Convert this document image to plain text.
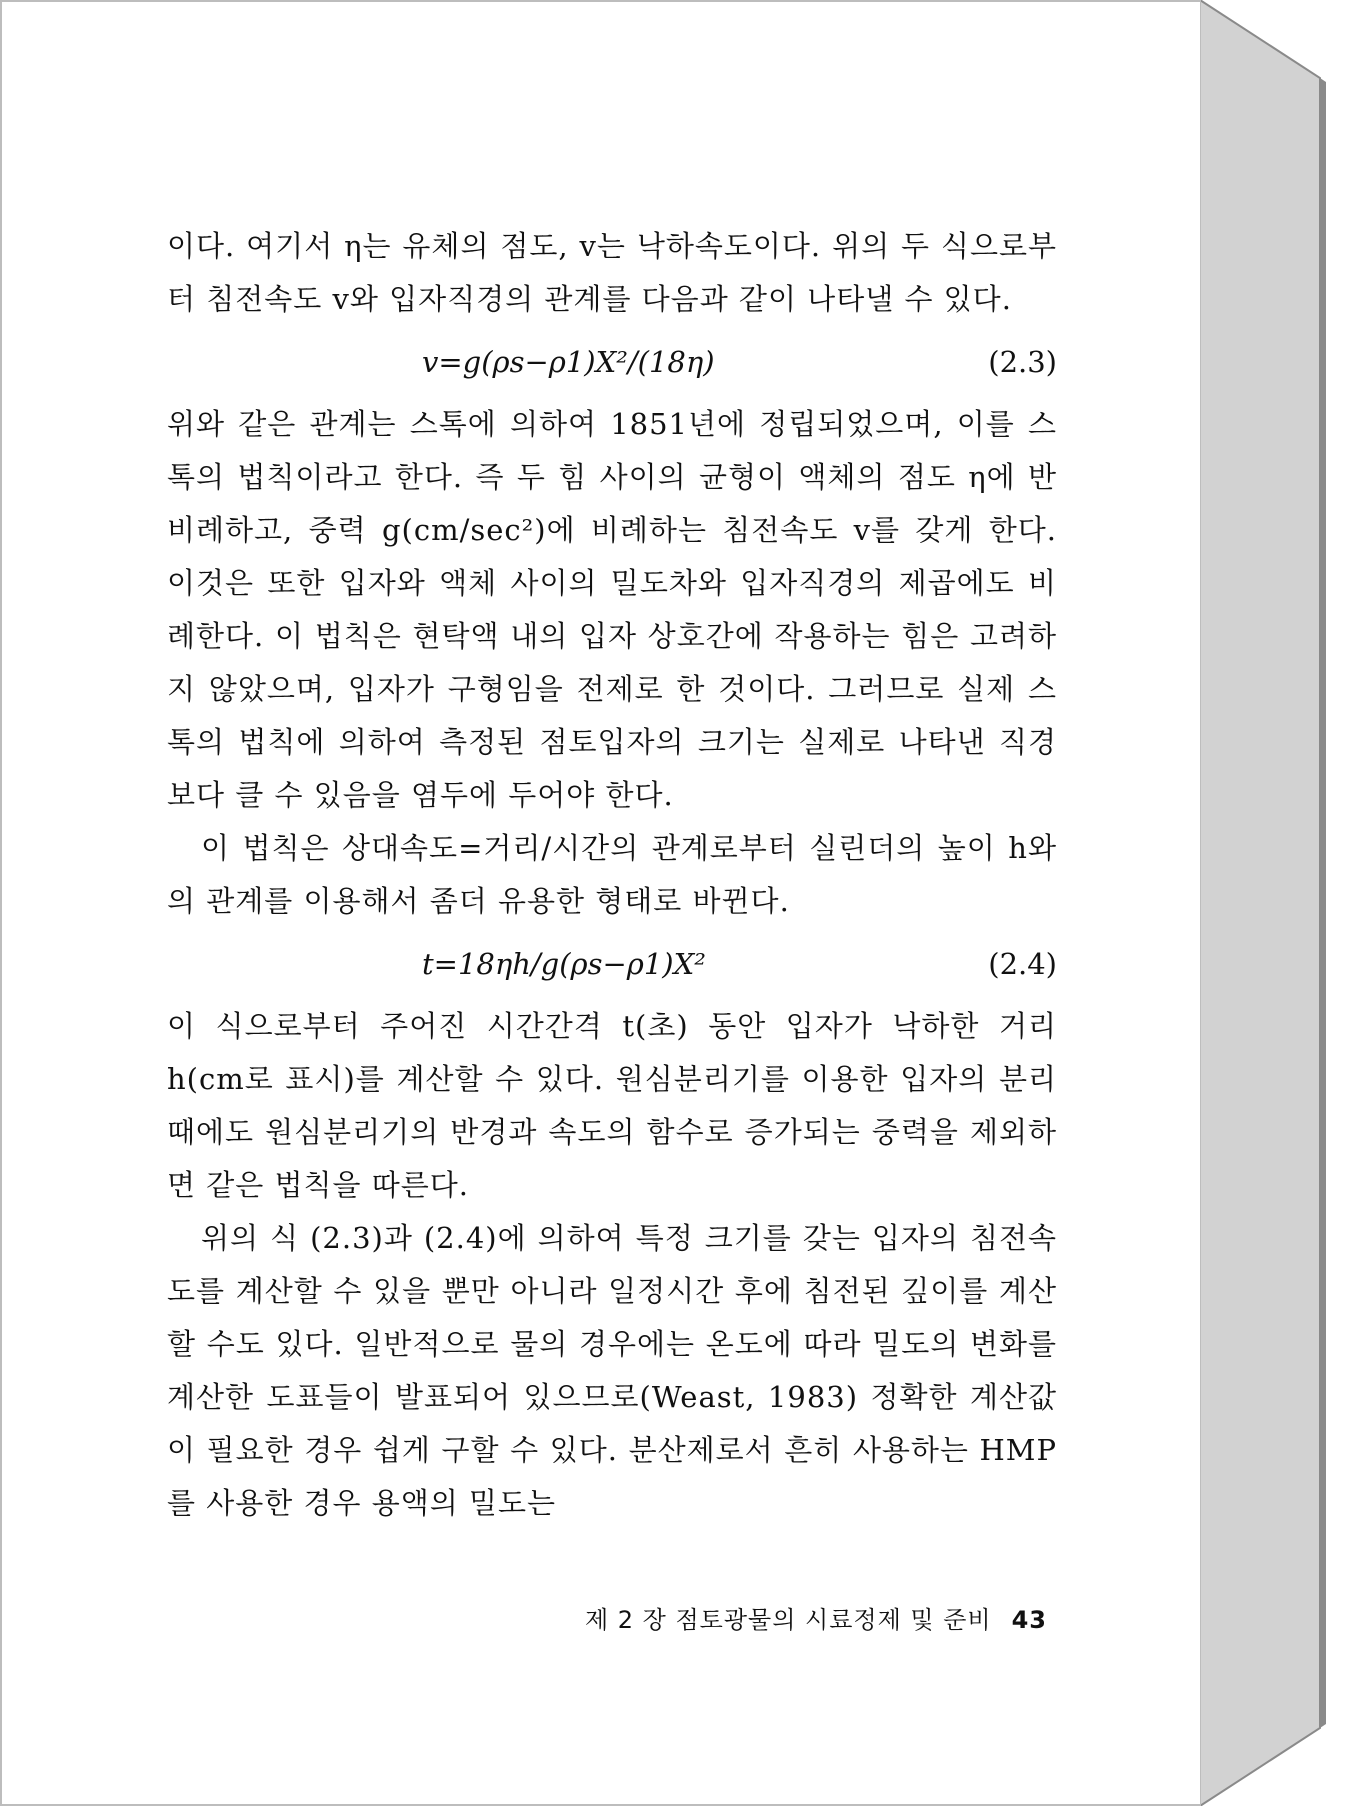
이다. 여기서 η는 유체의 점도, v는 낙하속도이다. 위의 두 식으로부터 침전속도 v와 입자직경의 관계를 다음과 같이 나타낼 수 있다.

v=g(ρs−ρ1)X²/(18η)	(2.3)

위와 같은 관계는 스톡에 의하여 1851년에 정립되었으며, 이를 스톡의 법칙이라고 한다. 즉 두 힘 사이의 균형이 액체의 점도 η에 반비례하고, 중력 g(cm/sec²)에 비례하는 침전속도 v를 갖게 한다. 이것은 또한 입자와 액체 사이의 밀도차와 입자직경의 제곱에도 비례한다. 이 법칙은 현탁액 내의 입자 상호간에 작용하는 힘은 고려하지 않았으며, 입자가 구형임을 전제로 한 것이다. 그러므로 실제 스톡의 법칙에 의하여 측정된 점토입자의 크기는 실제로 나타낸 직경보다 클 수 있음을 염두에 두어야 한다.

이 법칙은 상대속도=거리/시간의 관계로부터 실린더의 높이 h와의 관계를 이용해서 좀더 유용한 형태로 바뀐다.

t=18ηh/g(ρs−ρ1)X²	(2.4)

이 식으로부터 주어진 시간간격 t(초) 동안 입자가 낙하한 거리 h(cm로 표시)를 계산할 수 있다. 원심분리기를 이용한 입자의 분리 때에도 원심분리기의 반경과 속도의 함수로 증가되는 중력을 제외하면 같은 법칙을 따른다.

위의 식 (2.3)과 (2.4)에 의하여 특정 크기를 갖는 입자의 침전속도를 계산할 수 있을 뿐만 아니라 일정시간 후에 침전된 깊이를 계산할 수도 있다. 일반적으로 물의 경우에는 온도에 따라 밀도의 변화를 계산한 도표들이 발표되어 있으므로(Weast, 1983) 정확한 계산값이 필요한 경우 쉽게 구할 수 있다. 분산제로서 흔히 사용하는 HMP를 사용한 경우 용액의 밀도는

제 2 장 점토광물의 시료정제 및 준비 43
